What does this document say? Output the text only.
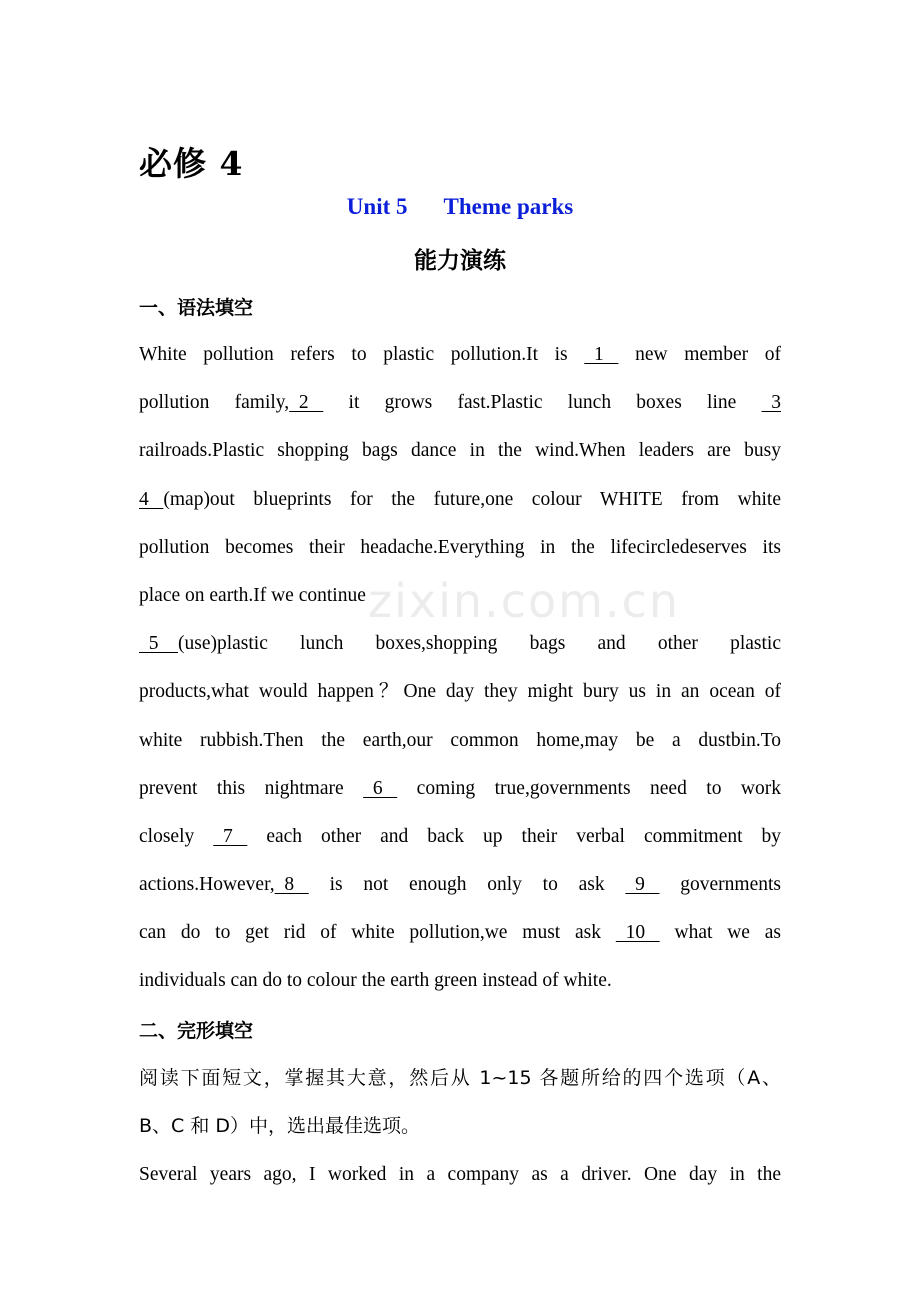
必修 4
Unit 5 Theme parks
能力演练
一、语法填空
zixin.com.cn
White pollution refers to plastic pollution.It is   1    new member of
pollution family,  2    it grows fast.Plastic lunch boxes line   3
railroads.Plastic shopping bags dance in the wind.When leaders are busy
4   (map)out blueprints for the future,one colour WHITE from white
pollution becomes their headache.Everything in the lifecircledeserves its
place on earth.If we continue
5    (use)plastic lunch boxes,shopping bags and other plastic
products,what would happen？One day they might bury us in an ocean of
white rubbish.Then the earth,our common home,may be a dustbin.To
prevent this nightmare   6    coming true,governments need to work
closely   7    each other and back up their verbal commitment by
actions.However,  8    is not enough only to ask   9    governments
can do to get rid of white pollution,we must ask   10    what we as
individuals can do to colour the earth green instead of white.
二、完形填空
阅读下面短文，掌握其大意，然后从 1~15 各题所给的四个选项（A、
B、C 和 D）中，选出最佳选项。
Several years ago, I worked in a company as a driver. One day in the
